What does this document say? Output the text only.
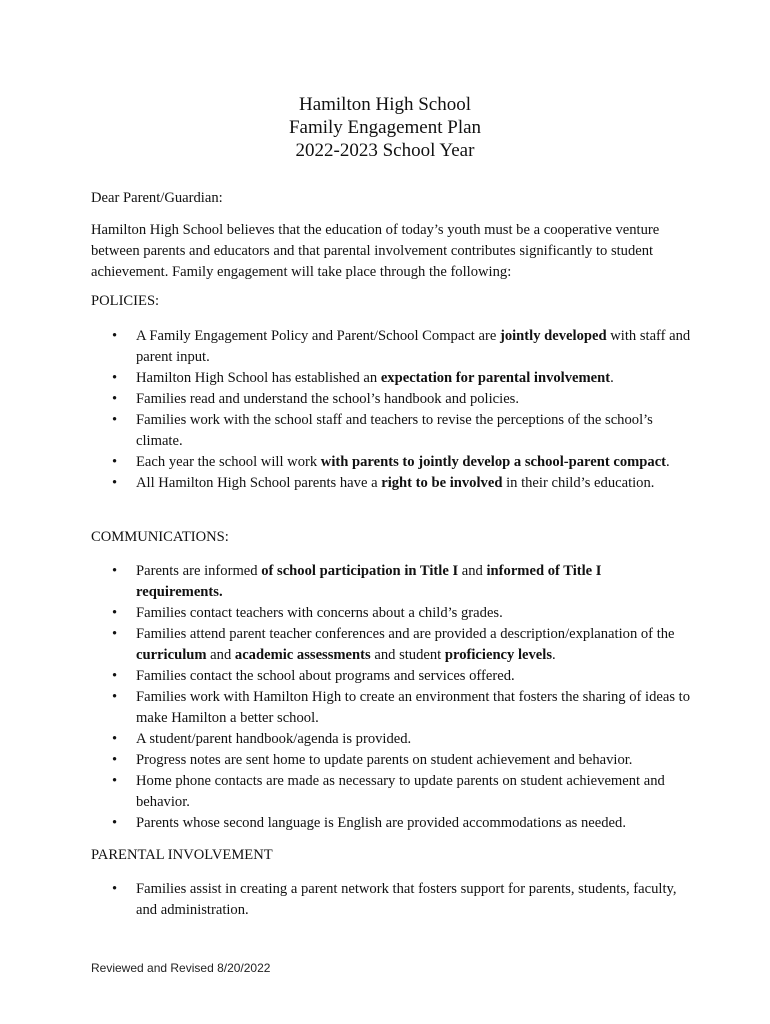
Hamilton High School
Family Engagement Plan
2022-2023 School Year
Dear Parent/Guardian:
Hamilton High School believes that the education of today’s youth must be a cooperative venture between parents and educators and that parental involvement contributes significantly to student achievement. Family engagement will take place through the following:
POLICIES:
• A Family Engagement Policy and Parent/School Compact are jointly developed with staff and parent input.
• Hamilton High School has established an expectation for parental involvement.
• Families read and understand the school’s handbook and policies.
• Families work with the school staff and teachers to revise the perceptions of the school’s climate.
• Each year the school will work with parents to jointly develop a school-parent compact.
• All Hamilton High School parents have a right to be involved in their child’s education.
COMMUNICATIONS:
• Parents are informed of school participation in Title I and informed of Title I requirements.
• Families contact teachers with concerns about a child’s grades.
• Families attend parent teacher conferences and are provided a description/explanation of the curriculum and academic assessments and student proficiency levels.
• Families contact the school about programs and services offered.
• Families work with Hamilton High to create an environment that fosters the sharing of ideas to make Hamilton a better school.
• A student/parent handbook/agenda is provided.
• Progress notes are sent home to update parents on student achievement and behavior.
• Home phone contacts are made as necessary to update parents on student achievement and behavior.
• Parents whose second language is English are provided accommodations as needed.
PARENTAL INVOLVEMENT
• Families assist in creating a parent network that fosters support for parents, students, faculty, and administration.
Reviewed and Revised 8/20/2022
